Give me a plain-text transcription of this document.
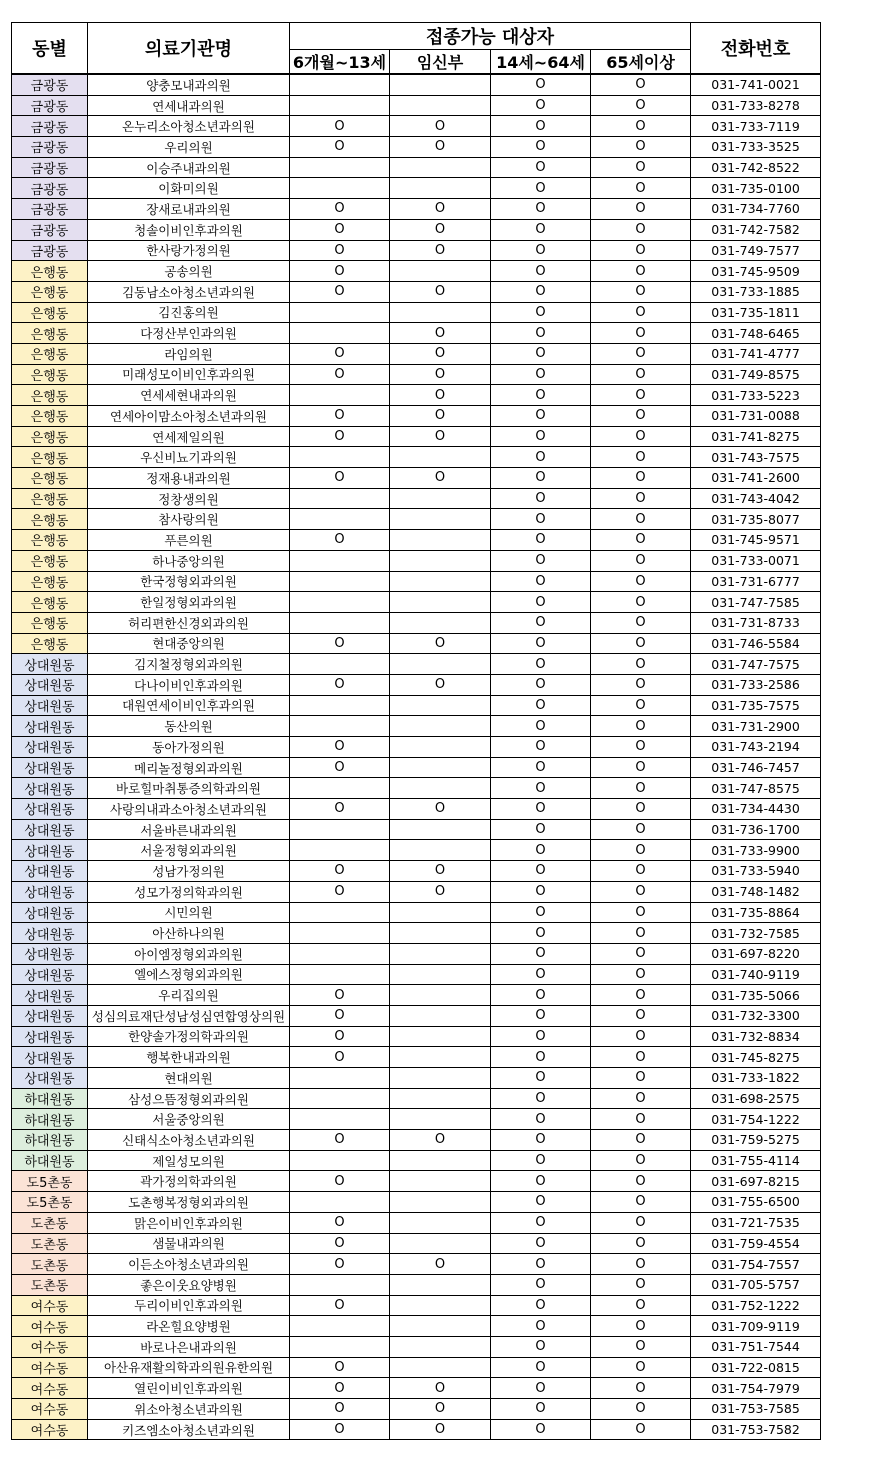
동별	의료기관명	접종가능 대상자				전화번호
		6개월~13세	임신부	14세~64세	65세이상	
금광동	양충모내과의원			O	O	031-741-0021
금광동	연세내과의원			O	O	031-733-8278
금광동	온누리소아청소년과의원	O	O	O	O	031-733-7119
금광동	우리의원	O	O	O	O	031-733-3525
금광동	이승주내과의원			O	O	031-742-8522
금광동	이화미의원			O	O	031-735-0100
금광동	장새로내과의원	O	O	O	O	031-734-7760
금광동	청솔이비인후과의원	O	O	O	O	031-742-7582
금광동	한사랑가정의원	O	O	O	O	031-749-7577
은행동	공송의원	O		O	O	031-745-9509
은행동	김동남소아청소년과의원	O	O	O	O	031-733-1885
은행동	김진홍의원			O	O	031-735-1811
은행동	다정산부인과의원		O	O	O	031-748-6465
은행동	라임의원	O	O	O	O	031-741-4777
은행동	미래성모이비인후과의원	O	O	O	O	031-749-8575
은행동	연세세현내과의원		O	O	O	031-733-5223
은행동	연세아이맘소아청소년과의원	O	O	O	O	031-731-0088
은행동	연세제일의원	O	O	O	O	031-741-8275
은행동	우신비뇨기과의원			O	O	031-743-7575
은행동	정재용내과의원	O	O	O	O	031-741-2600
은행동	정창생의원			O	O	031-743-4042
은행동	참사랑의원			O	O	031-735-8077
은행동	푸른의원	O		O	O	031-745-9571
은행동	하나중앙의원			O	O	031-733-0071
은행동	한국정형외과의원			O	O	031-731-6777
은행동	한일정형외과의원			O	O	031-747-7585
은행동	허리편한신경외과의원			O	O	031-731-8733
은행동	현대중앙의원	O	O	O	O	031-746-5584
상대원동	김지철정형외과의원			O	O	031-747-7575
상대원동	다나이비인후과의원	O	O	O	O	031-733-2586
상대원동	대원연세이비인후과의원			O	O	031-735-7575
상대원동	동산의원			O	O	031-731-2900
상대원동	동아가정의원	O		O	O	031-743-2194
상대원동	메리놀정형외과의원	O		O	O	031-746-7457
상대원동	바로힐마취통증의학과의원			O	O	031-747-8575
상대원동	사랑의내과소아청소년과의원	O	O	O	O	031-734-4430
상대원동	서울바른내과의원			O	O	031-736-1700
상대원동	서울정형외과의원			O	O	031-733-9900
상대원동	성남가정의원	O	O	O	O	031-733-5940
상대원동	성모가정의학과의원	O	O	O	O	031-748-1482
상대원동	시민의원			O	O	031-735-8864
상대원동	아산하나의원			O	O	031-732-7585
상대원동	아이엠정형외과의원			O	O	031-697-8220
상대원동	엘에스정형외과의원			O	O	031-740-9119
상대원동	우리집의원	O		O	O	031-735-5066
상대원동	성심의료재단성남성심연합영상의원	O		O	O	031-732-3300
상대원동	한양솔가정의학과의원	O		O	O	031-732-8834
상대원동	행복한내과의원	O		O	O	031-745-8275
상대원동	현대의원			O	O	031-733-1822
하대원동	삼성으뜸정형외과의원			O	O	031-698-2575
하대원동	서울중앙의원			O	O	031-754-1222
하대원동	신태식소아청소년과의원	O	O	O	O	031-759-5275
하대원동	제일성모의원			O	O	031-755-4114
도5촌동	곽가정의학과의원	O		O	O	031-697-8215
도5촌동	도촌행복정형외과의원			O	O	031-755-6500
도촌동	맑은이비인후과의원	O		O	O	031-721-7535
도촌동	샘물내과의원	O		O	O	031-759-4554
도촌동	이든소아청소년과의원	O	O	O	O	031-754-7557
도촌동	좋은이웃요양병원			O	O	031-705-5757
여수동	두리이비인후과의원	O		O	O	031-752-1222
여수동	라온힐요양병원			O	O	031-709-9119
여수동	바로나은내과의원			O	O	031-751-7544
여수동	아산유재활의학과의원유한의원	O		O	O	031-722-0815
여수동	열린이비인후과의원	O	O	O	O	031-754-7979
여수동	위소아청소년과의원	O	O	O	O	031-753-7585
여수동	키즈엠소아청소년과의원	O	O	O	O	031-753-7582
